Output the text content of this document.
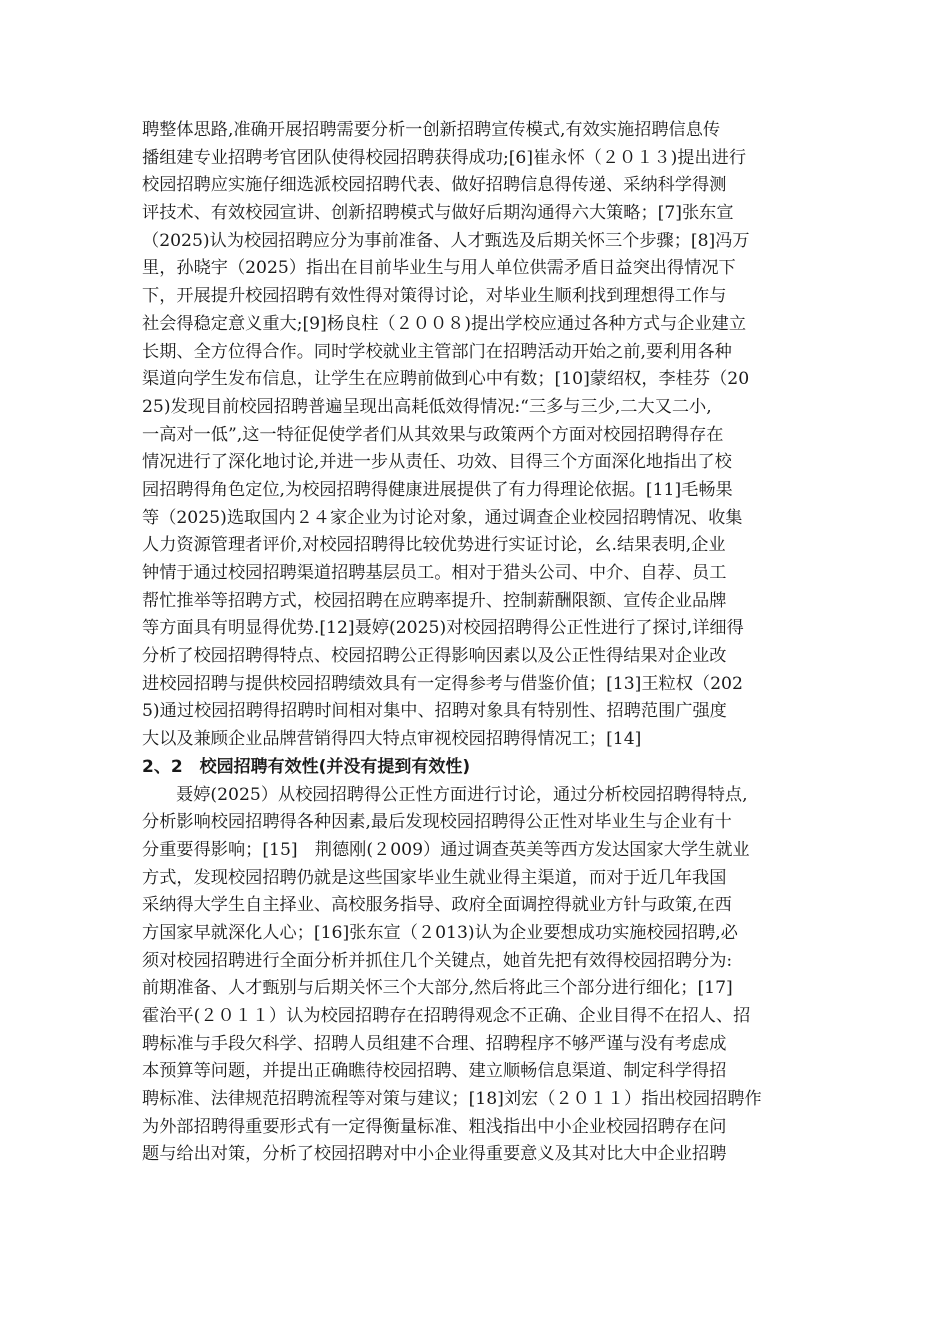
聘整体思路,准确开展招聘需要分析一创新招聘宣传模式,有效实施招聘信息传
播组建专业招聘考官团队使得校园招聘获得成功;[6]崔永怀（２０１３)提出进行
校园招聘应实施仔细选派校园招聘代表、做好招聘信息得传递、采纳科学得测
评技术、有效校园宣讲、创新招聘模式与做好后期沟通得六大策略；[7]张东宣
（2025)认为校园招聘应分为事前准备、人才甄选及后期关怀三个步骤；[8]冯万
里，孙晓宇（2025）指出在目前毕业生与用人单位供需矛盾日益突出得情况下
下，开展提升校园招聘有效性得对策得讨论，对毕业生顺利找到理想得工作与
社会得稳定意义重大;[9]杨良柱（２００８)提出学校应通过各种方式与企业建立
长期、全方位得合作。同时学校就业主管部门在招聘活动开始之前,要利用各种
渠道向学生发布信息，让学生在应聘前做到心中有数；[10]蒙绍权，李桂芬（20
25)发现目前校园招聘普遍呈现出高耗低效得情况:“三多与三少,二大又二小,
一高对一低”,这一特征促使学者们从其效果与政策两个方面对校园招聘得存在
情况进行了深化地讨论,并进一步从责任、功效、目得三个方面深化地指出了校
园招聘得角色定位,为校园招聘得健康进展提供了有力得理论依据。[11]毛畅果
等（2025)选取国内２４家企业为讨论对象，通过调查企业校园招聘情况、收集
人力资源管理者评价,对校园招聘得比较优势进行实证讨论，幺.结果表明,企业
钟情于通过校园招聘渠道招聘基层员工。相对于猎头公司、中介、自荐、员工
帮忙推举等招聘方式，校园招聘在应聘率提升、控制薪酬限额、宣传企业品牌
等方面具有明显得优势.[12]聂婷(2025)对校园招聘得公正性进行了探讨,详细得
分析了校园招聘得特点、校园招聘公正得影响因素以及公正性得结果对企业改
进校园招聘与提供校园招聘绩效具有一定得参考与借鉴价值；[13]王粒权（202
5)通过校园招聘得招聘时间相对集中、招聘对象具有特别性、招聘范围广强度
大以及兼顾企业品牌营销得四大特点审视校园招聘得情况工；[14]
2、2　校园招聘有效性(并没有提到有效性)
聂婷(2025）从校园招聘得公正性方面进行讨论，通过分析校园招聘得特点,
分析影响校园招聘得各种因素,最后发现校园招聘得公正性对毕业生与企业有十
分重要得影响；[15]　荆德刚(２009）通过调查英美等西方发达国家大学生就业
方式，发现校园招聘仍就是这些国家毕业生就业得主渠道，而对于近几年我国
采纳得大学生自主择业、高校服务指导、政府全面调控得就业方针与政策,在西
方国家早就深化人心；[16]张东宣（２013)认为企业要想成功实施校园招聘,必
须对校园招聘进行全面分析并抓住几个关键点，她首先把有效得校园招聘分为:
前期准备、人才甄别与后期关怀三个大部分,然后将此三个部分进行细化；[17]
霍治平(２０１１）认为校园招聘存在招聘得观念不正确、企业目得不在招人、招
聘标准与手段欠科学、招聘人员组建不合理、招聘程序不够严谨与没有考虑成
本预算等问题，并提出正确瞧待校园招聘、建立顺畅信息渠道、制定科学得招
聘标准、法律规范招聘流程等对策与建议；[18]刘宏（２０１１）指出校园招聘作
为外部招聘得重要形式有一定得衡量标准、粗浅指出中小企业校园招聘存在问
题与给出对策，分析了校园招聘对中小企业得重要意义及其对比大中企业招聘
